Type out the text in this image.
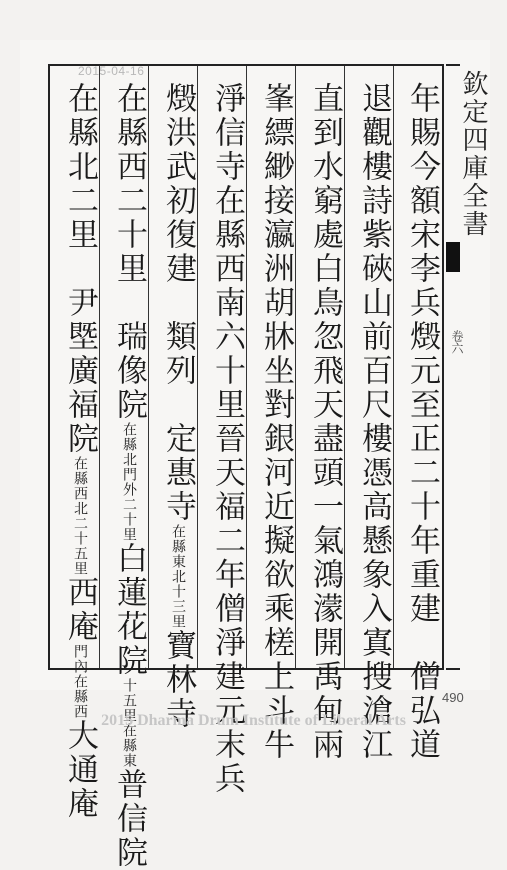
欽定四庫全書
卷六
2015-04-16
年賜今額宋李兵燬元至正二十年重建　僧弘道
退觀樓詩紫硤山前百尺樓憑高懸象入寘搜滄江
直到水窮處白鳥忽飛天盡頭一氣鴻濛開禹甸兩
峯縹緲接瀛洲胡牀坐對銀河近擬欲乘槎上斗牛
淨信寺在縣西南六十里晉天福二年僧淨建元末兵
燬洪武初復建　類列　定惠寺在縣東北十三里寶林寺
在縣西二十里　瑞像院在縣北門外二十里白蓮花院十五里在縣東普信院
在縣北二里　尹塈廣福院在縣西北二十五里西庵門內在縣西大通庵
490
2015 Dharma Drum Institute of Liberal Arts
